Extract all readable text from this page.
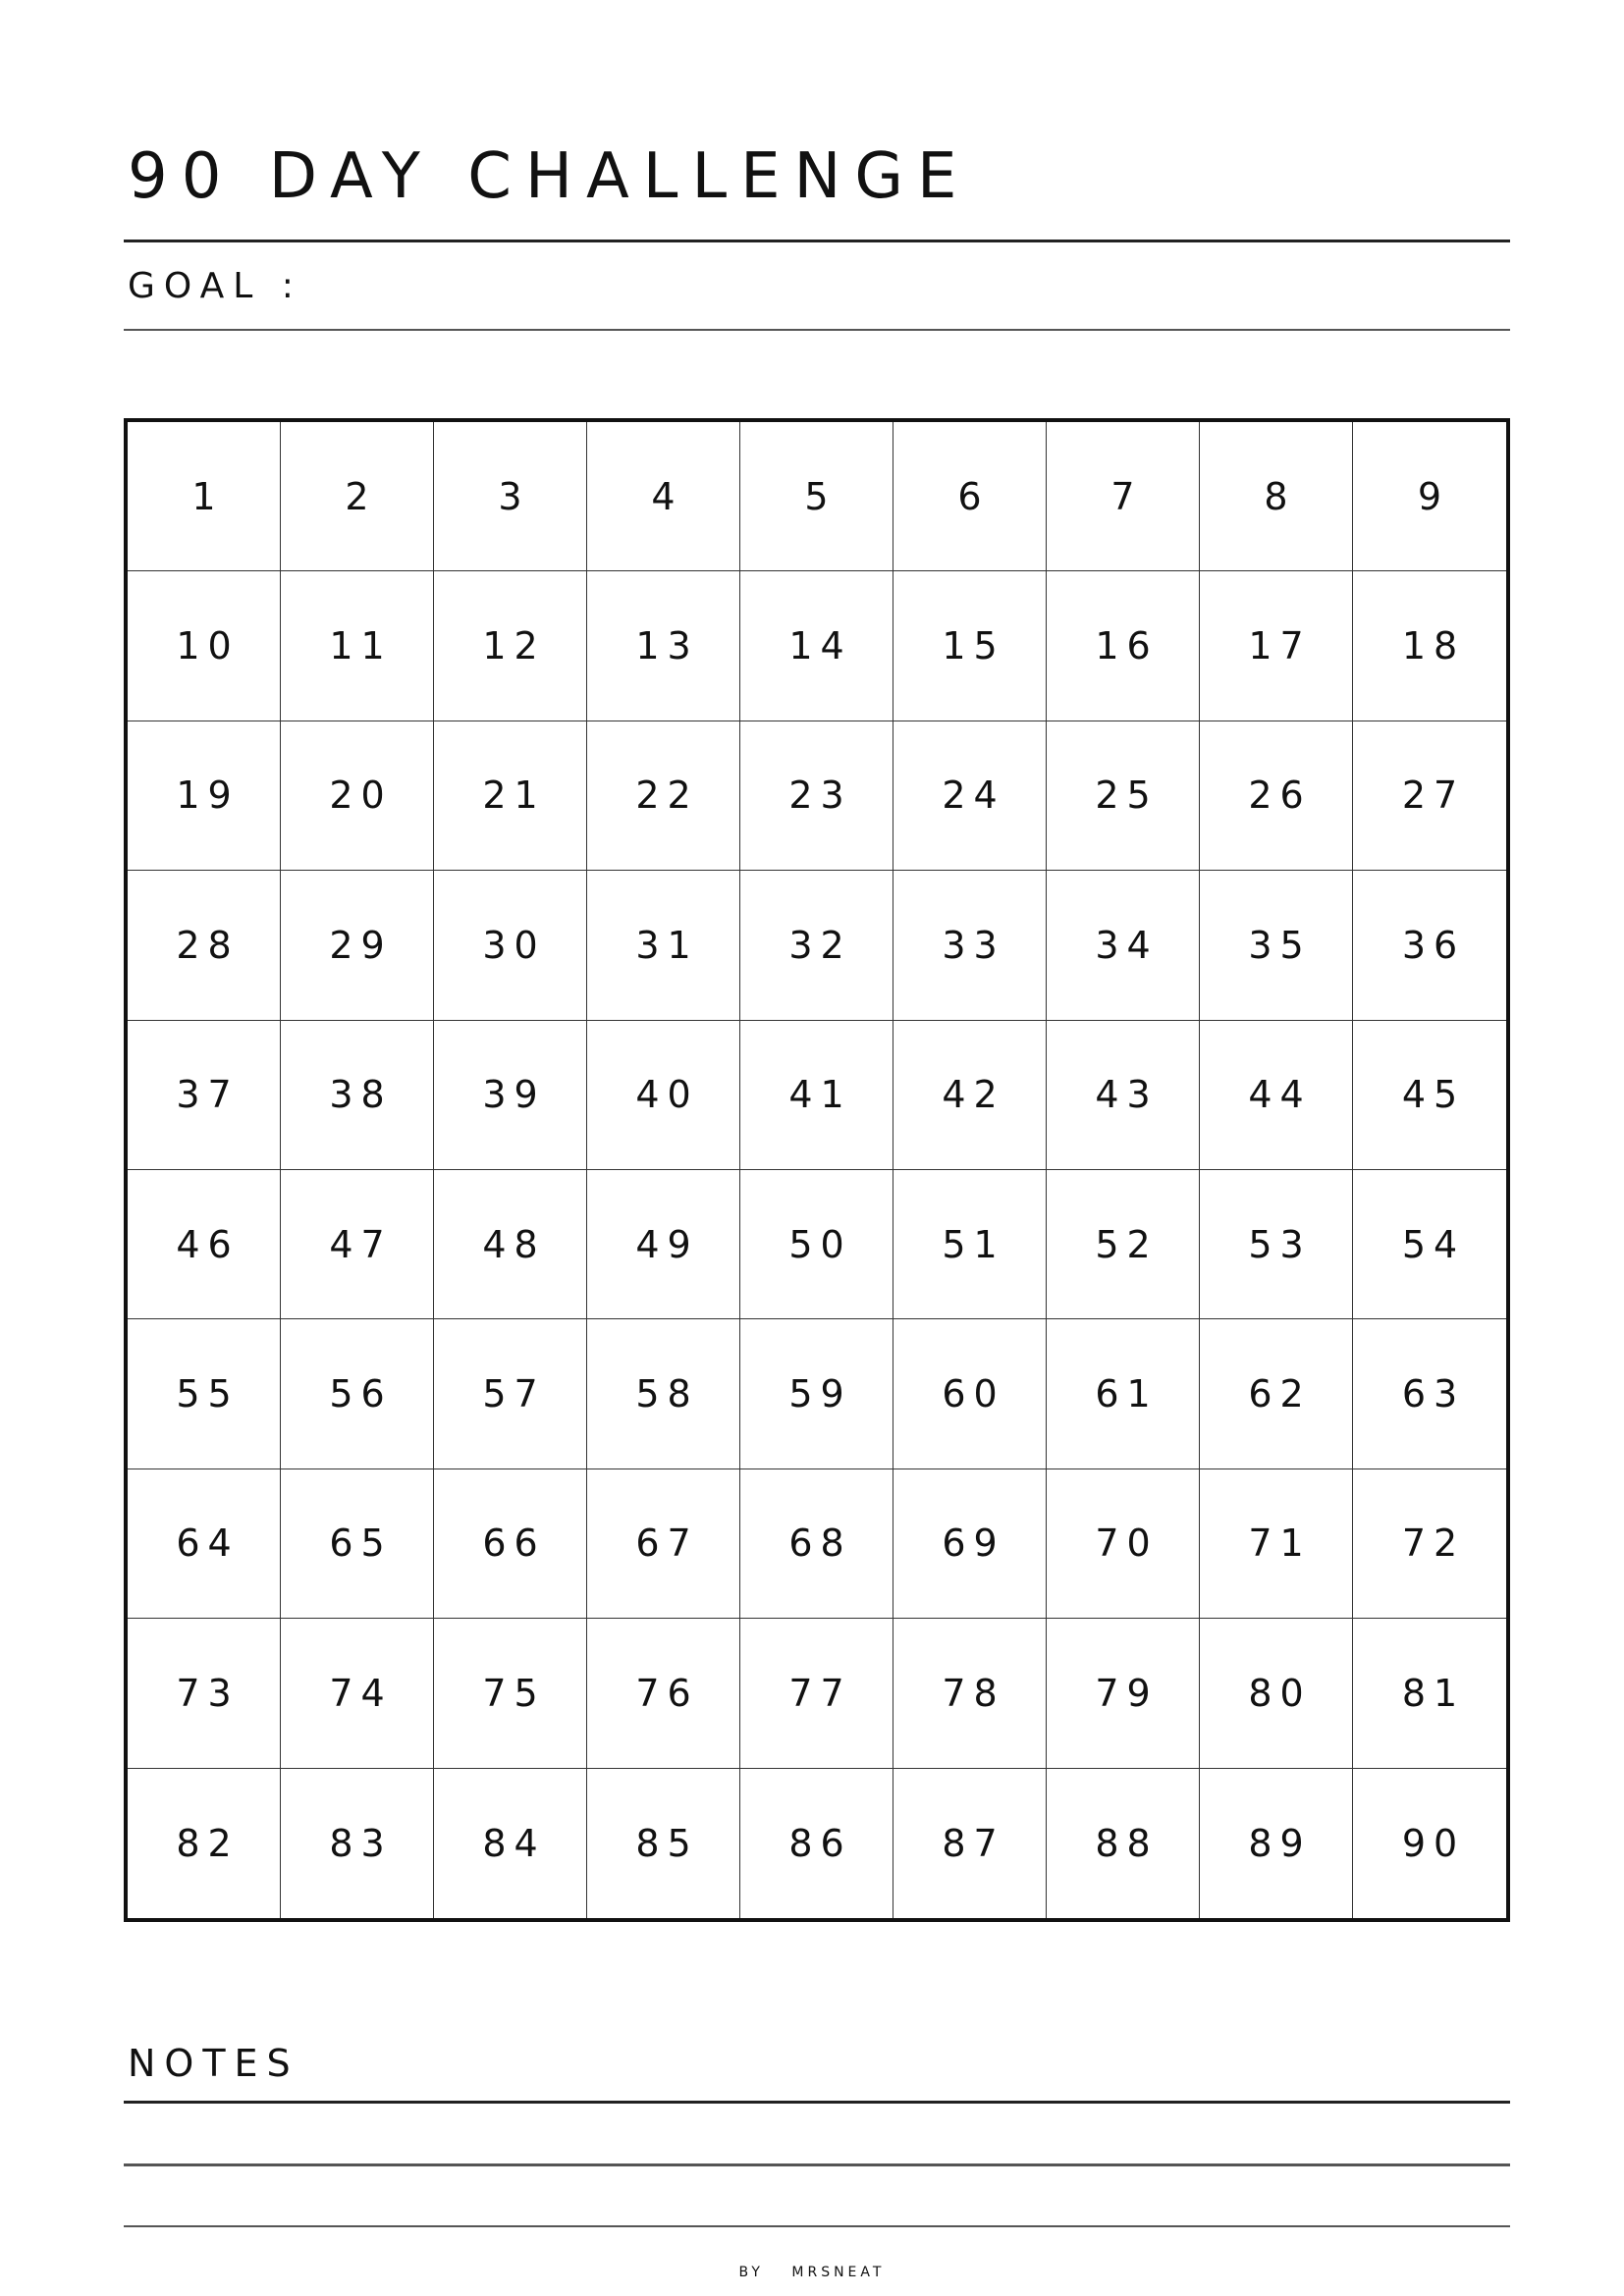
90 DAY CHALLENGE
GOAL :
1	2	3	4	5	6	7	8	9
10	11	12	13	14	15	16	17	18
19	20	21	22	23	24	25	26	27
28	29	30	31	32	33	34	35	36
37	38	39	40	41	42	43	44	45
46	47	48	49	50	51	52	53	54
55	56	57	58	59	60	61	62	63
64	65	66	67	68	69	70	71	72
73	74	75	76	77	78	79	80	81
82	83	84	85	86	87	88	89	90
NOTES
BY MRSNEAT
